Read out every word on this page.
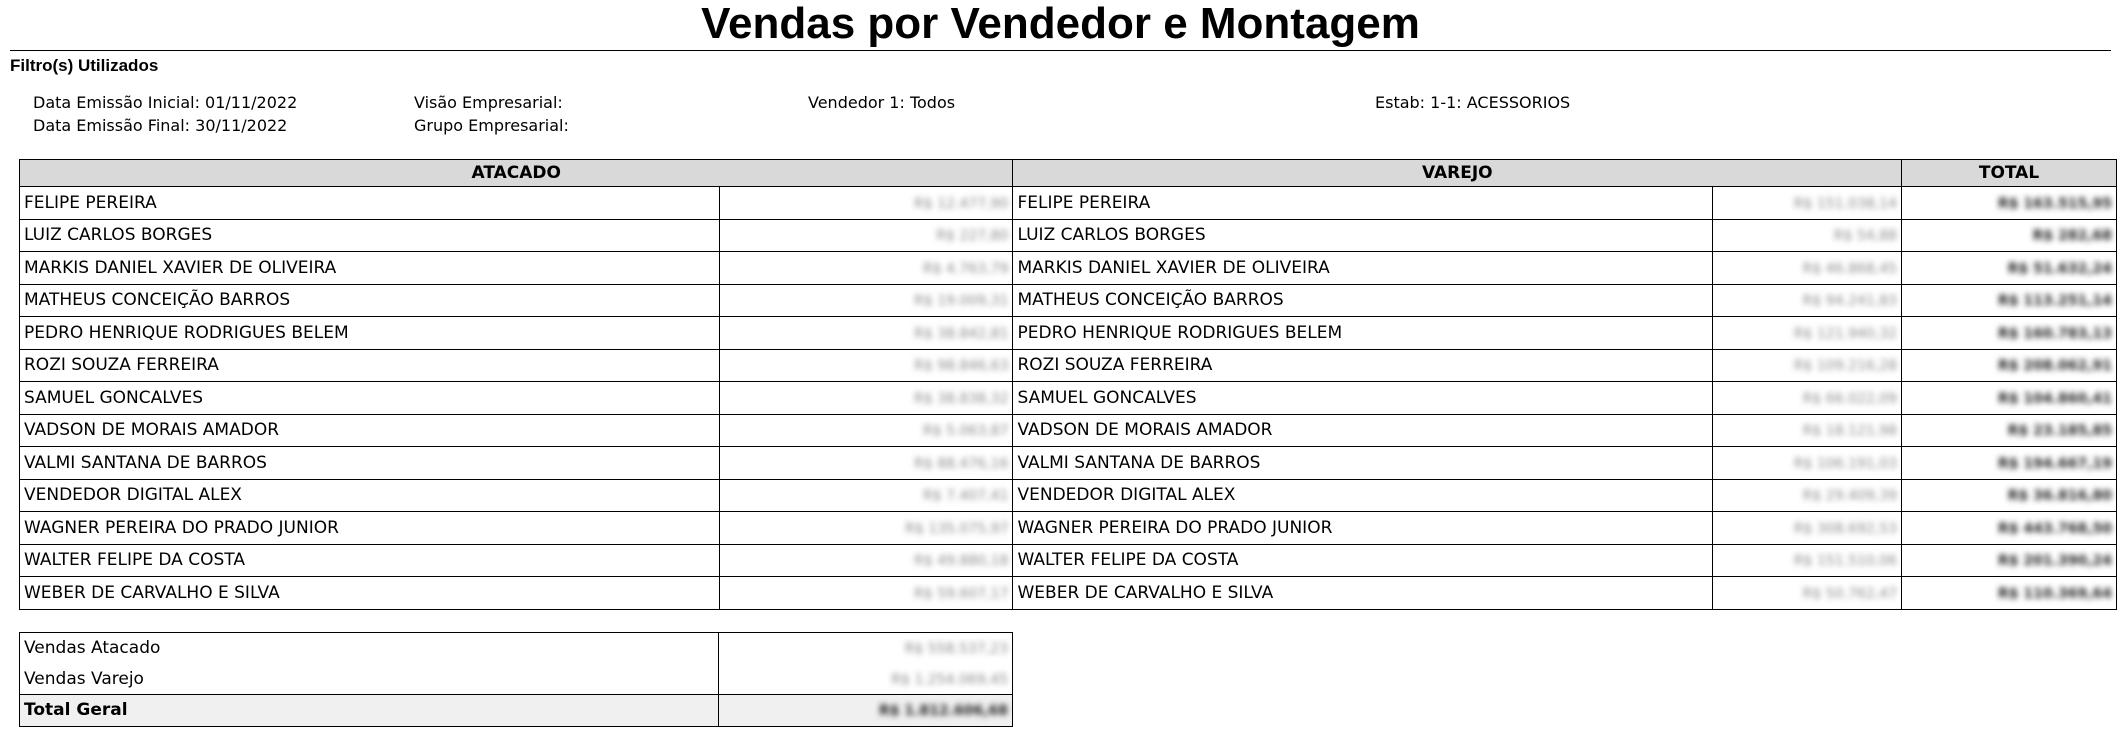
Vendas por Vendedor e Montagem
Filtro(s) Utilizados
Data Emissão Inicial: 01/11/2022
Data Emissão Final: 30/11/2022
Visão Empresarial:
Grupo Empresarial:
Vendedor 1: Todos	Estab: 1-1: ACESSORIOS
ATACADO		VAREJO		TOTAL
FELIPE PEREIRA	R$ 12.477,90	FELIPE PEREIRA	R$ 151.038,14	R$ 163.515,95
LUIZ CARLOS BORGES	R$ 227,80	LUIZ CARLOS BORGES	R$ 54,88	R$ 282,68
MARKIS DANIEL XAVIER DE OLIVEIRA	R$ 4.763,79	MARKIS DANIEL XAVIER DE OLIVEIRA	R$ 46.868,45	R$ 51.632,24
MATHEUS CONCEIÇÃO BARROS	R$ 19.009,31	MATHEUS CONCEIÇÃO BARROS	R$ 94.241,83	R$ 113.251,14
PEDRO HENRIQUE RODRIGUES BELEM	R$ 38.842,81	PEDRO HENRIQUE RODRIGUES BELEM	R$ 121.940,32	R$ 160.783,13
ROZI SOUZA FERREIRA	R$ 98.846,63	ROZI SOUZA FERREIRA	R$ 109.216,28	R$ 208.062,91
SAMUEL GONCALVES	R$ 38.838,32	SAMUEL GONCALVES	R$ 66.022,09	R$ 104.860,41
VADSON DE MORAIS AMADOR	R$ 5.063,87	VADSON DE MORAIS AMADOR	R$ 18.121,98	R$ 23.185,85
VALMI SANTANA DE BARROS	R$ 88.476,16	VALMI SANTANA DE BARROS	R$ 106.191,03	R$ 194.667,19
VENDEDOR DIGITAL ALEX	R$ 7.407,41	VENDEDOR DIGITAL ALEX	R$ 29.409,39	R$ 36.816,80
WAGNER PEREIRA DO PRADO JUNIOR	R$ 135.075,97	WAGNER PEREIRA DO PRADO JUNIOR	R$ 308.692,53	R$ 443.768,50
WALTER FELIPE DA COSTA	R$ 49.880,18	WALTER FELIPE DA COSTA	R$ 151.510,06	R$ 201.390,24
WEBER DE CARVALHO E SILVA	R$ 59.607,17	WEBER DE CARVALHO E SILVA	R$ 50.762,47	R$ 110.369,64
Vendas Atacado	R$ 558.537,23
Vendas Varejo	R$ 1.254.069,45
Total Geral	R$ 1.812.606,68
